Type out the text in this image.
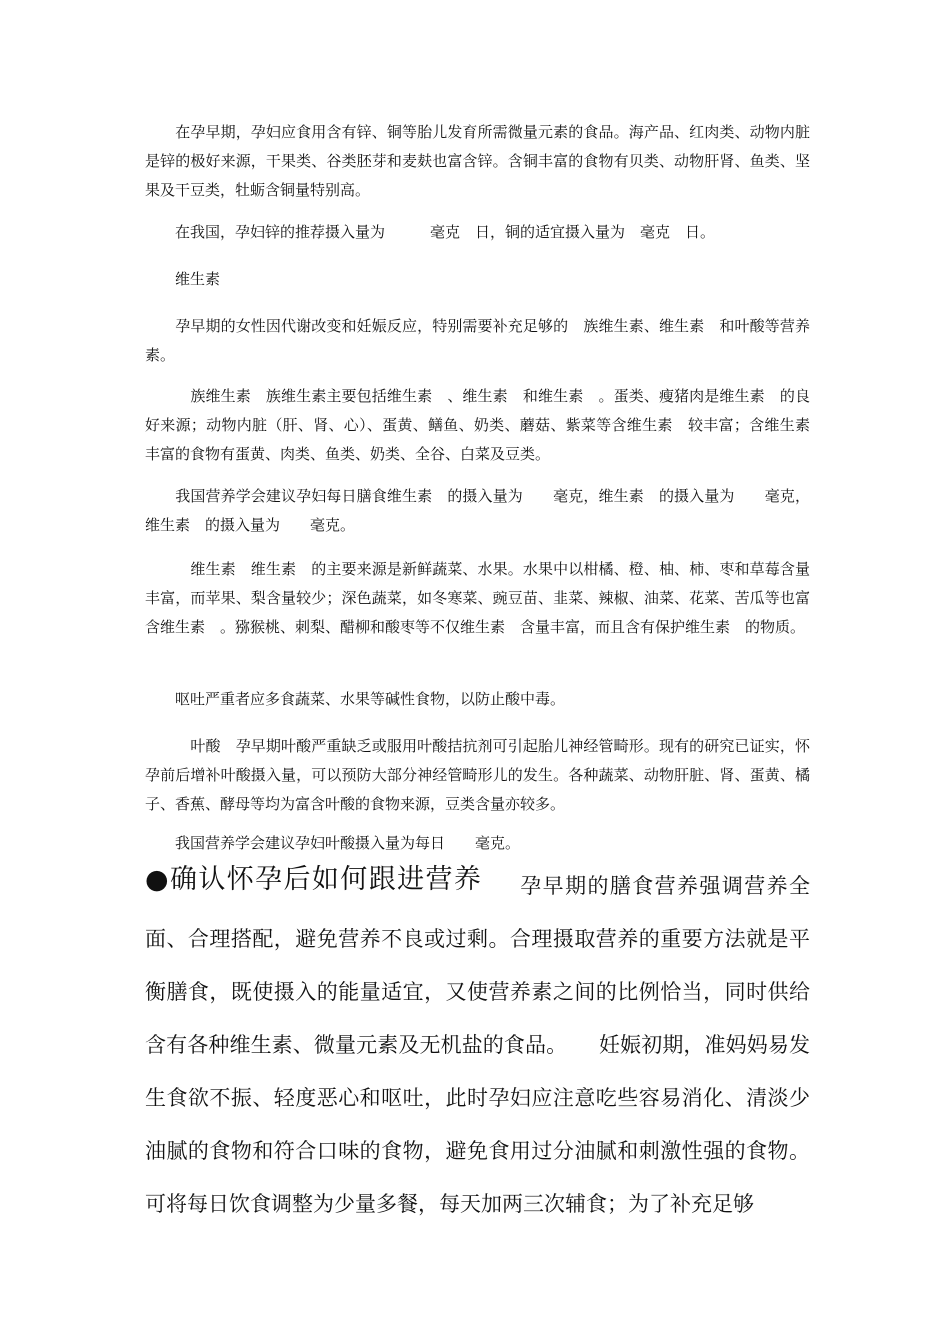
　　在孕早期，孕妇应食用含有锌、铜等胎儿发育所需微量元素的食品。海产品、红肉类、动物内脏是锌的极好来源，干果类、谷类胚芽和麦麸也富含锌。含铜丰富的食物有贝类、动物肝肾、鱼类、坚果及干豆类，牡蛎含铜量特别高。

　　在我国，孕妇锌的推荐摄入量为　　　毫克　日，铜的适宜摄入量为　毫克　日。

　　维生素

　　孕早期的女性因代谢改变和妊娠反应，特别需要补充足够的　族维生素、维生素　和叶酸等营养素。

　　　族维生素　族维生素主要包括维生素　、维生素　和维生素　。蛋类、瘦猪肉是维生素　的良好来源；动物内脏（肝、肾、心）、蛋黄、鳝鱼、奶类、蘑菇、紫菜等含维生素　较丰富；含维生素　丰富的食物有蛋黄、肉类、鱼类、奶类、全谷、白菜及豆类。

　　我国营养学会建议孕妇每日膳食维生素　的摄入量为　　毫克，维生素　的摄入量为　　毫克，维生素　的摄入量为　　毫克。

　　　维生素　维生素　的主要来源是新鲜蔬菜、水果。水果中以柑橘、橙、柚、柿、枣和草莓含量丰富，而苹果、梨含量较少；深色蔬菜，如冬寒菜、豌豆苗、韭菜、辣椒、油菜、花菜、苦瓜等也富含维生素　。猕猴桃、刺梨、醋柳和酸枣等不仅维生素　含量丰富，而且含有保护维生素　的物质。

　　呕吐严重者应多食蔬菜、水果等碱性食物，以防止酸中毒。

　　　叶酸　孕早期叶酸严重缺乏或服用叶酸拮抗剂可引起胎儿神经管畸形。现有的研究已证实，怀孕前后增补叶酸摄入量，可以预防大部分神经管畸形儿的发生。各种蔬菜、动物肝脏、肾、蛋黄、橘子、香蕉、酵母等均为富含叶酸的食物来源，豆类含量亦较多。

　　我国营养学会建议孕妇叶酸摄入量为每日　　毫克。

●确认怀孕后如何跟进营养 孕早期的膳食营养强调营养全面、合理搭配，避免营养不良或过剩。合理摄取营养的重要方法就是平衡膳食，既使摄入的能量适宜，又使营养素之间的比例恰当，同时供给含有各种维生素、微量元素及无机盐的食品。　　妊娠初期，准妈妈易发生食欲不振、轻度恶心和呕吐，此时孕妇应注意吃些容易消化、清淡少油腻的食物和符合口味的食物，避免食用过分油腻和刺激性强的食物。可将每日饮食调整为少量多餐，每天加两三次辅食；为了补充足够
